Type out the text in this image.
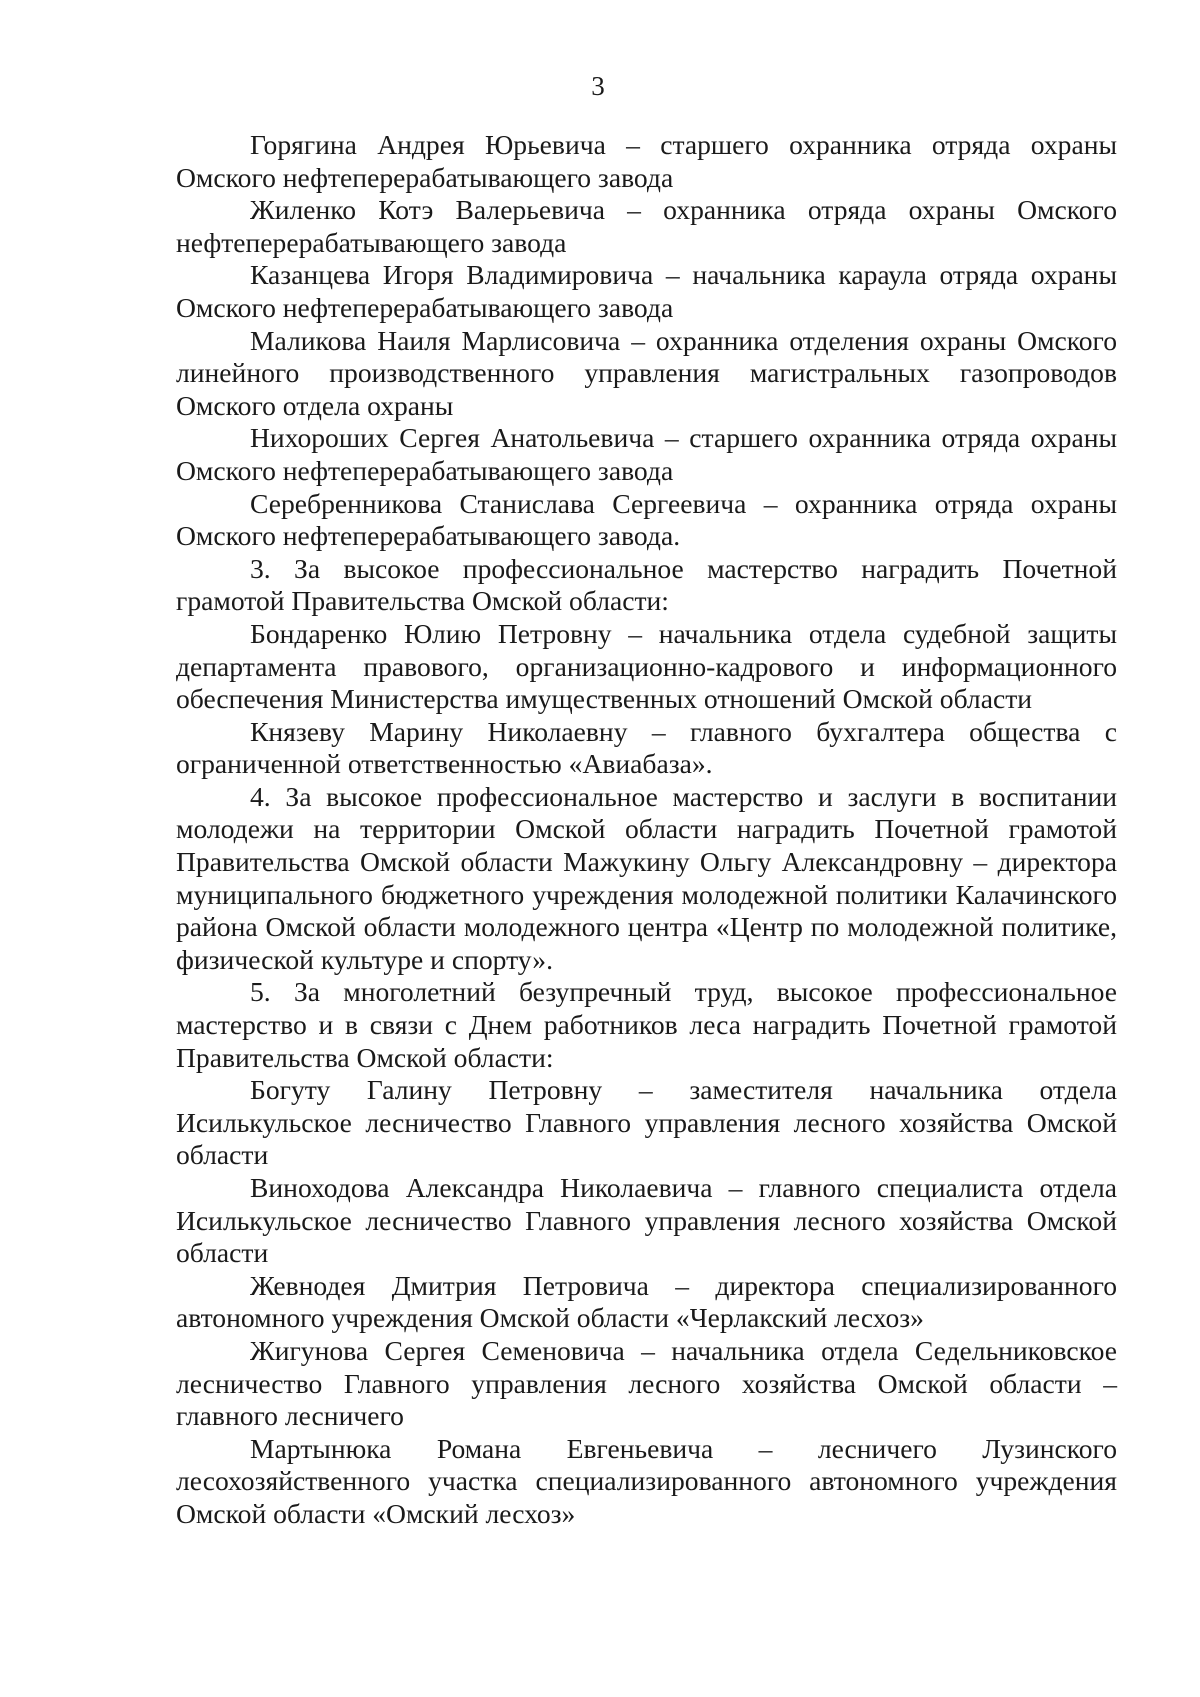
3

Горягина Андрея Юрьевича – старшего охранника отряда охраны Омского нефтеперерабатывающего завода

Жиленко Котэ Валерьевича – охранника отряда охраны Омского нефтеперерабатывающего завода

Казанцева Игоря Владимировича – начальника караула отряда охраны Омского нефтеперерабатывающего завода

Маликова Наиля Марлисовича – охранника отделения охраны Омского линейного производственного управления магистральных газопроводов Омского отдела охраны

Нихороших Сергея Анатольевича – старшего охранника отряда охраны Омского нефтеперерабатывающего завода

Серебренникова Станислава Сергеевича – охранника отряда охраны Омского нефтеперерабатывающего завода.

3. За высокое профессиональное мастерство наградить Почетной грамотой Правительства Омской области:

Бондаренко Юлию Петровну – начальника отдела судебной защиты департамента правового, организационно-кадрового и информационного обеспечения Министерства имущественных отношений Омской области

Князеву Марину Николаевну – главного бухгалтера общества с ограниченной ответственностью «Авиабаза».

4. За высокое профессиональное мастерство и заслуги в воспитании молодежи на территории Омской области наградить Почетной грамотой Правительства Омской области Мажукину Ольгу Александровну – директора муниципального бюджетного учреждения молодежной политики Калачинского района Омской области молодежного центра «Центр по молодежной политике, физической культуре и спорту».

5. За многолетний безупречный труд, высокое профессиональное мастерство и в связи с Днем работников леса наградить Почетной грамотой Правительства Омской области:

Богуту Галину Петровну – заместителя начальника отдела Исилькульское лесничество Главного управления лесного хозяйства Омской области

Виноходова Александра Николаевича – главного специалиста отдела Исилькульское лесничество Главного управления лесного хозяйства Омской области

Жевнодея Дмитрия Петровича – директора специализированного автономного учреждения Омской области «Черлакский лесхоз»

Жигунова Сергея Семеновича – начальника отдела Седельниковское лесничество Главного управления лесного хозяйства Омской области – главного лесничего

Мартынюка Романа Евгеньевича – лесничего Лузинского лесохозяйственного участка специализированного автономного учреждения Омской области «Омский лесхоз»
